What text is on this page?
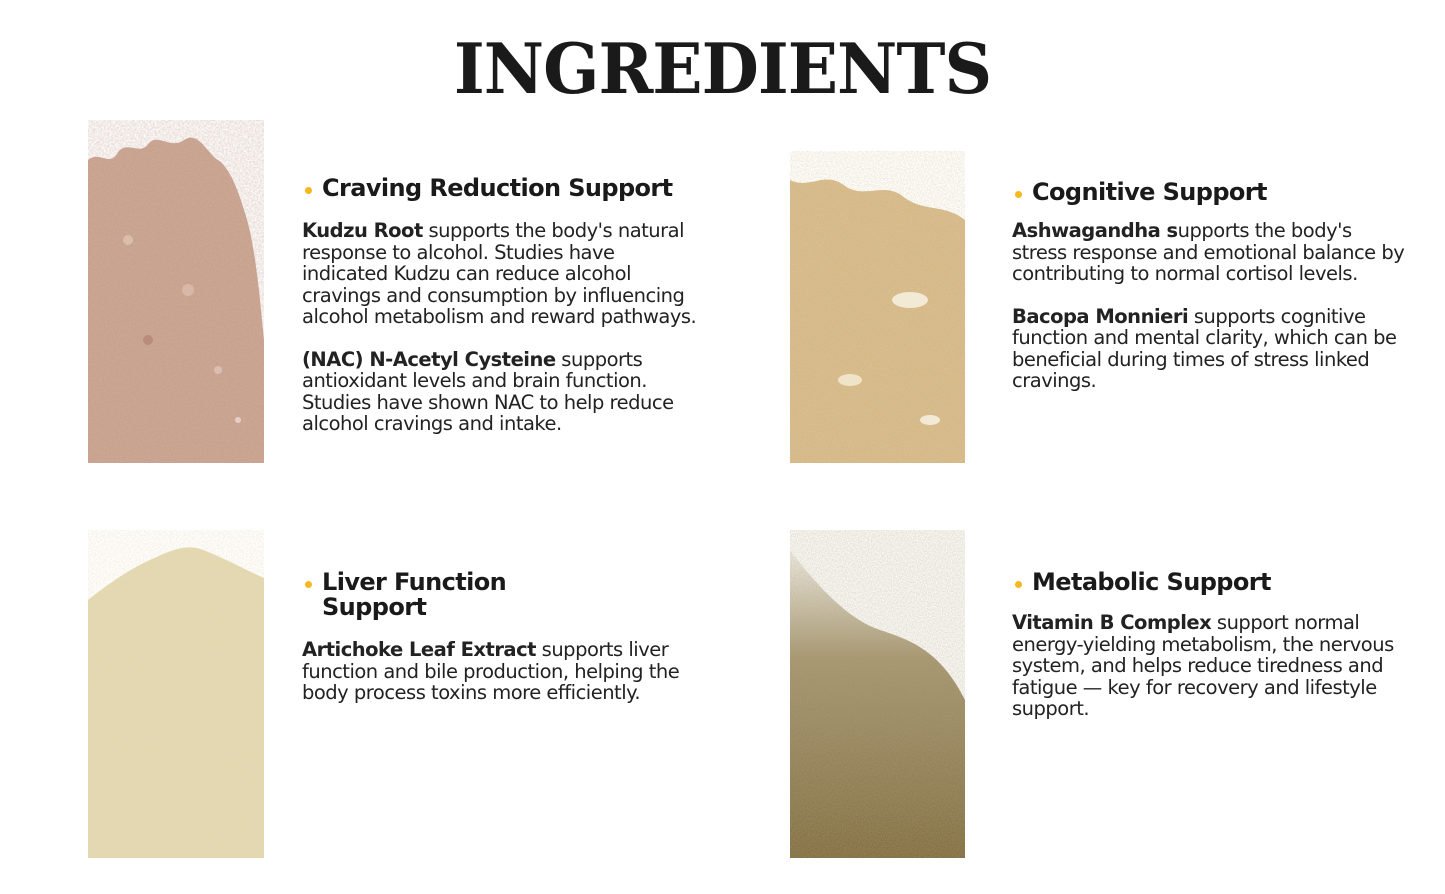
INGREDIENTS
Craving Reduction Support

Kudzu Root supports the body's natural response to alcohol. Studies have indicated Kudzu can reduce alcohol cravings and consumption by influencing alcohol metabolism and reward pathways.

(NAC) N-Acetyl Cysteine supports antioxidant levels and brain function. Studies have shown NAC to help reduce alcohol cravings and intake.

Cognitive Support

Ashwagandha supports the body's stress response and emotional balance by contributing to normal cortisol levels.

Bacopa Monnieri supports cognitive function and mental clarity, which can be beneficial during times of stress linked cravings.

Liver Function Support

Artichoke Leaf Extract supports liver function and bile production, helping the body process toxins more efficiently.

Metabolic Support

Vitamin B Complex support normal energy-yielding metabolism, the nervous system, and helps reduce tiredness and fatigue — key for recovery and lifestyle support.
